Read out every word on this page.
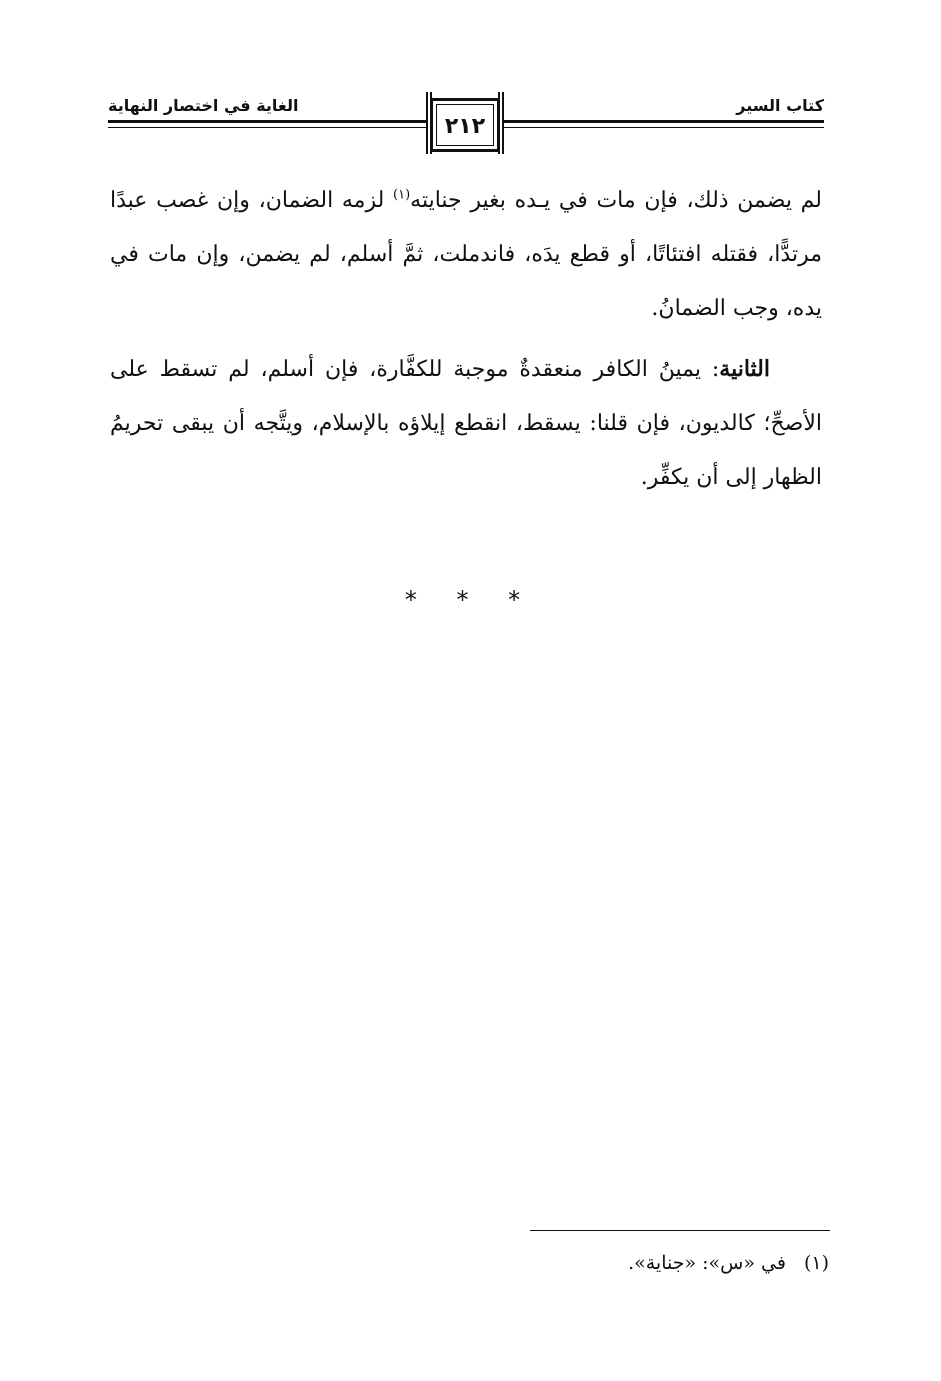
كتاب السير
الغاية في اختصار النهاية
٢١٢

لم يضمن ذلك، فإن مات في يـده بغير جنايته$^{(١)}$ لزمه الضمان، وإن غصب عبدًا مرتدًّا، فقتله افتئاتًا، أو قطع يدَه، فاندملت، ثمَّ أسلم، لم يضمن، وإن مات في يده، وجب الضمانُ.

الثانية: يمينُ الكافر منعقدةٌ موجبة للكفَّارة، فإن أسلم، لم تسقط على الأصحِّ؛ كالديون، فإن قلنا: يسقط، انقطع إيلاؤه بالإسلام، ويتَّجه أن يبقى تحريمُ الظهار إلى أن يكفِّر.

* * *
(١)في «س»: «جناية».
